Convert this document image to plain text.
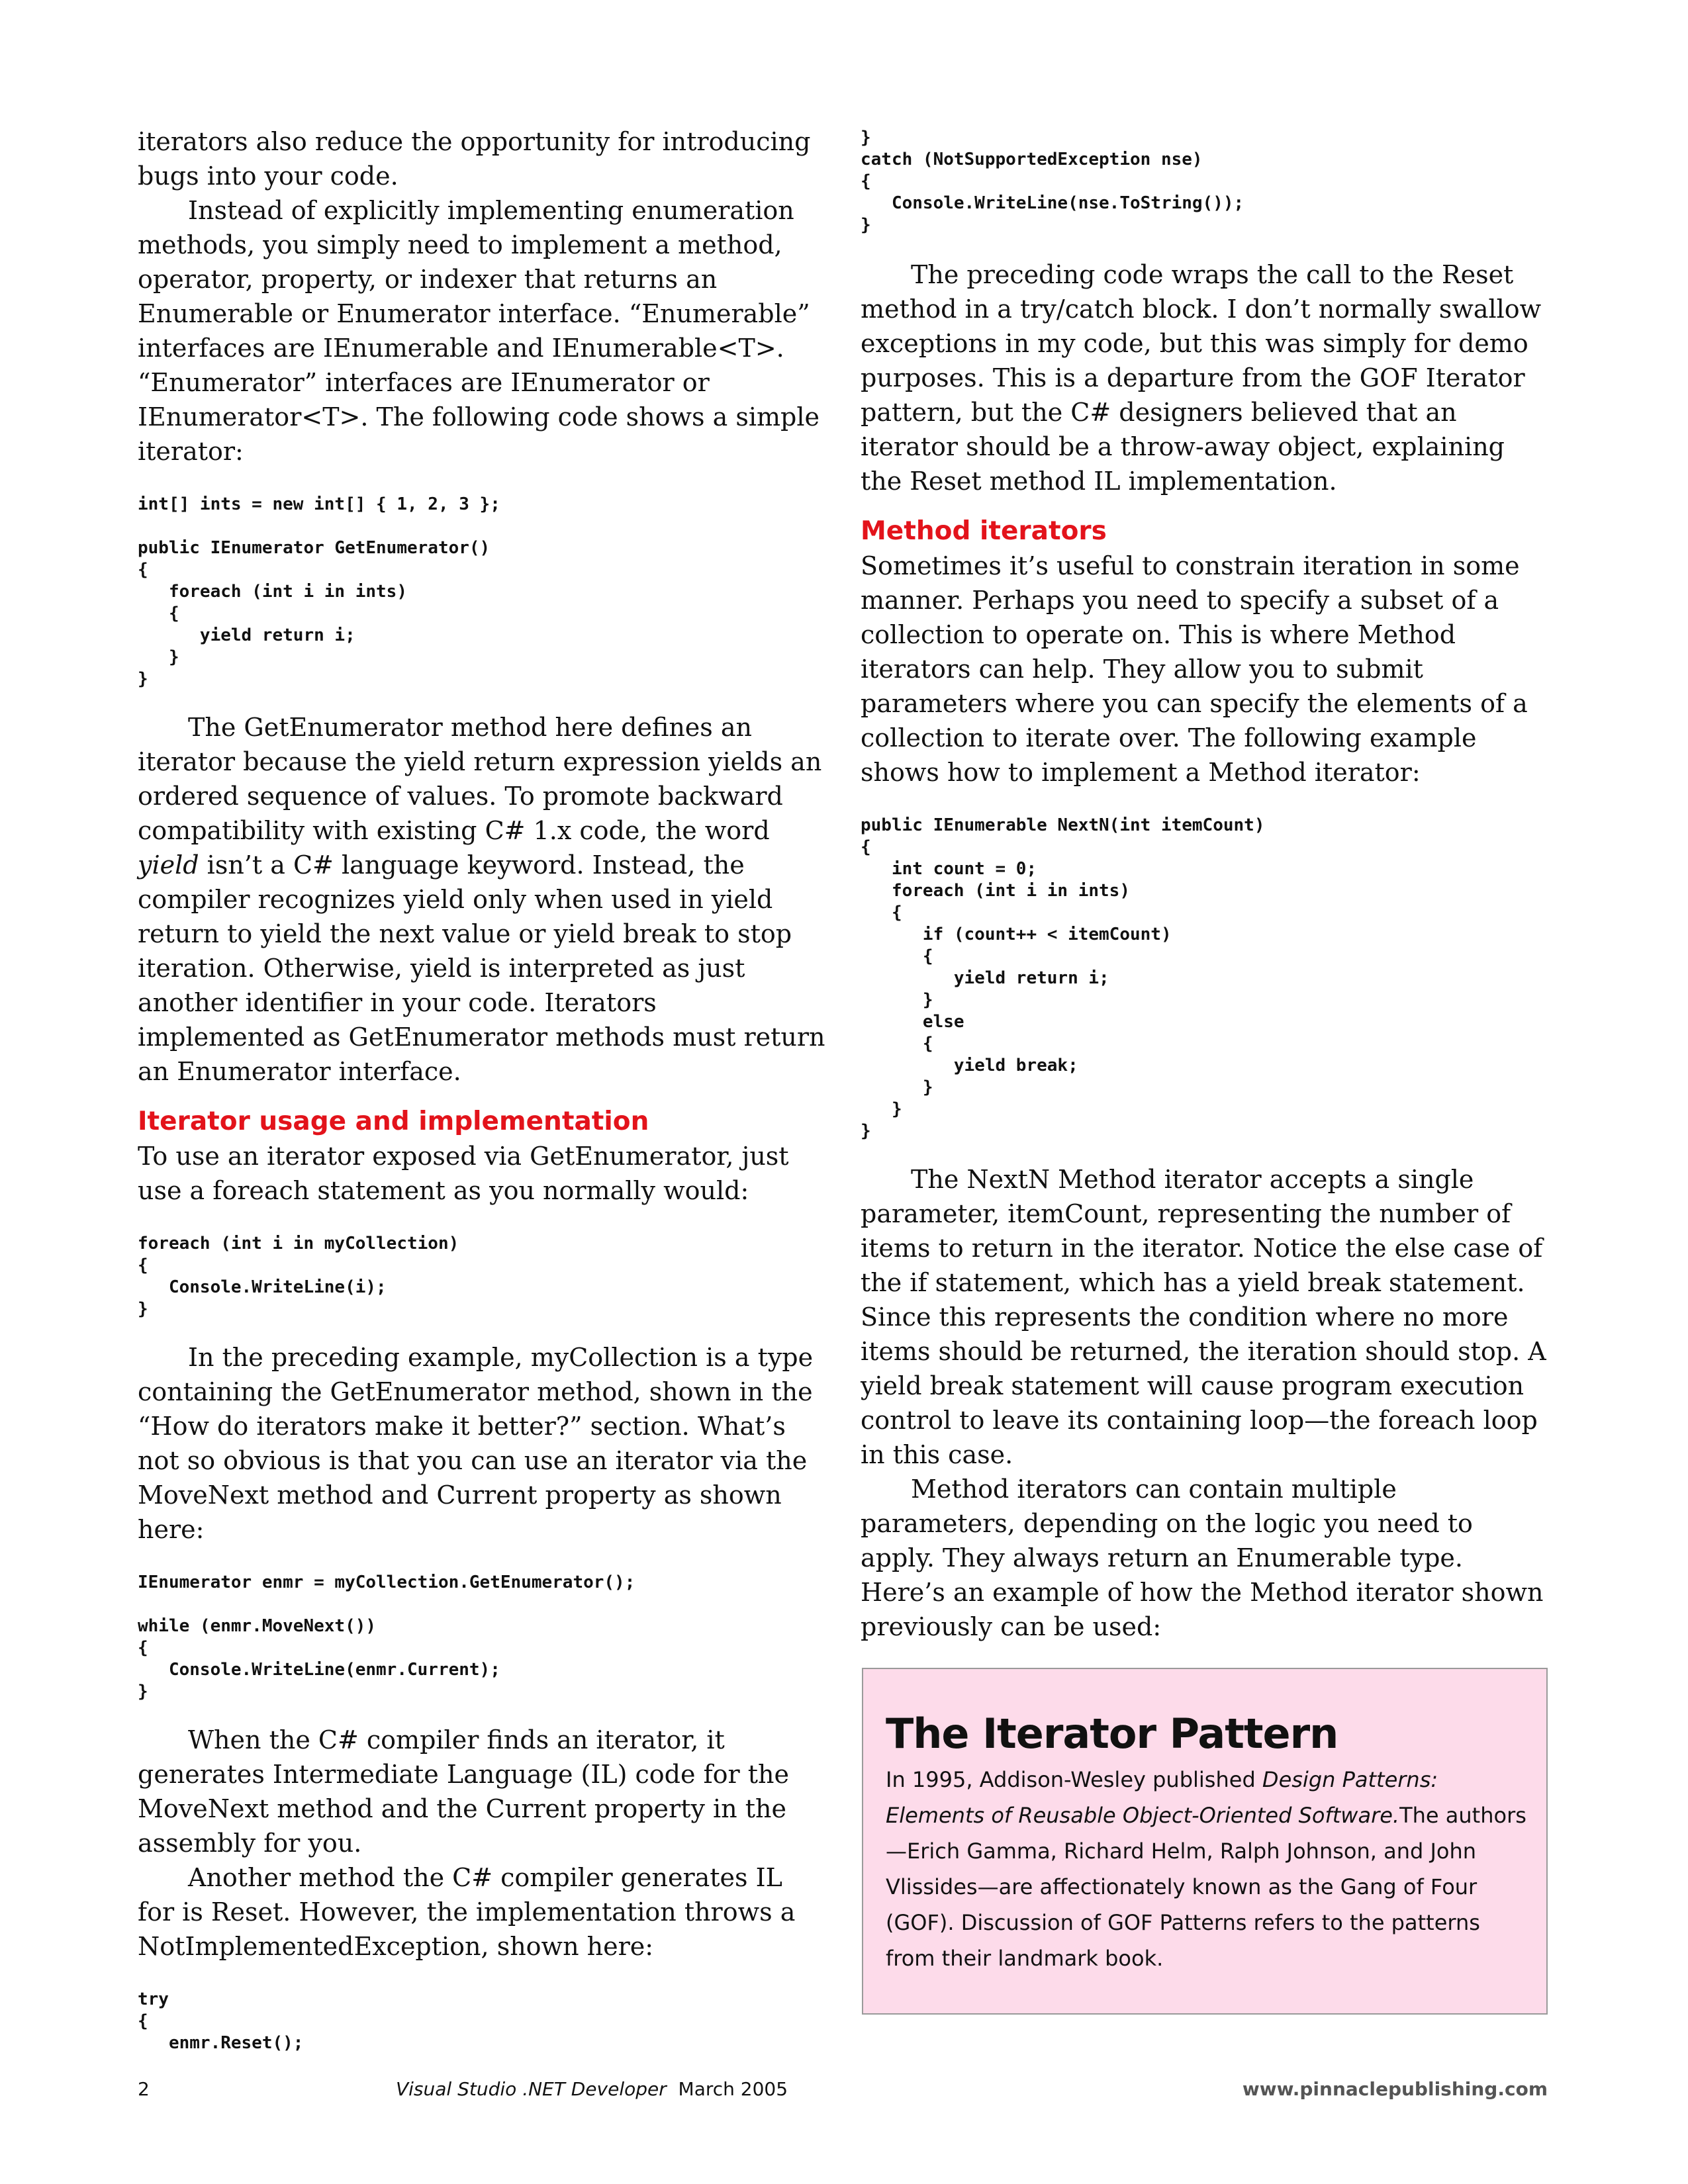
iterators also reduce the opportunity for introducing bugs into your code.

Instead of explicitly implementing enumeration methods, you simply need to implement a method, operator, property, or indexer that returns an Enumerable or Enumerator interface. “Enumerable” interfaces are IEnumerable and IEnumerable<T>. “Enumerator” interfaces are IEnumerator or IEnumerator<T>. The following code shows a simple iterator:

int[] ints = new int[] { 1, 2, 3 };

public IEnumerator GetEnumerator()
{
foreach (int i in ints)
{
yield return i;
}
}

The GetEnumerator method here defines an iterator because the yield return expression yields an ordered sequence of values. To promote backward compatibility with existing C# 1.x code, the word yield isn’t a C# language keyword. Instead, the compiler recognizes yield only when used in yield return to yield the next value or yield break to stop iteration. Otherwise, yield is interpreted as just another identifier in your code. Iterators implemented as GetEnumerator methods must return an Enumerator interface.

Iterator usage and implementation

To use an iterator exposed via GetEnumerator, just use a foreach statement as you normally would:

foreach (int i in myCollection)
{
Console.WriteLine(i);
}

In the preceding example, myCollection is a type containing the GetEnumerator method, shown in the “How do iterators make it better?” section. What’s not so obvious is that you can use an iterator via the MoveNext method and Current property as shown here:

IEnumerator enmr = myCollection.GetEnumerator();

while (enmr.MoveNext())
{
Console.WriteLine(enmr.Current);
}

When the C# compiler finds an iterator, it generates Intermediate Language (IL) code for the MoveNext method and the Current property in the assembly for you.

Another method the C# compiler generates IL for is Reset. However, the implementation throws a NotImplementedException, shown here:

try
{
enmr.Reset();
}
catch (NotSupportedException nse)
{
Console.WriteLine(nse.ToString());
}

The preceding code wraps the call to the Reset method in a try/catch block. I don’t normally swallow exceptions in my code, but this was simply for demo purposes. This is a departure from the GOF Iterator pattern, but the C# designers believed that an iterator should be a throw-away object, explaining the Reset method IL implementation.

Method iterators

Sometimes it’s useful to constrain iteration in some manner. Perhaps you need to specify a subset of a collection to operate on. This is where Method iterators can help. They allow you to submit parameters where you can specify the elements of a collection to iterate over. The following example shows how to implement a Method iterator:

public IEnumerable NextN(int itemCount)
{
int count = 0;
foreach (int i in ints)
{
if (count++ < itemCount)
{
yield return i;
}
else
{
yield break;
}
}
}

The NextN Method iterator accepts a single parameter, itemCount, representing the number of items to return in the iterator. Notice the else case of the if statement, which has a yield break statement. Since this represents the condition where no more items should be returned, the iteration should stop. A yield break statement will cause program execution control to leave its containing loop—the foreach loop in this case.

Method iterators can contain multiple parameters, depending on the logic you need to apply. They always return an Enumerable type. Here’s an example of how the Method iterator shown previously can be used:

The Iterator Pattern

In 1995, Addison-Wesley published Design Patterns: Elements of Reusable Object-Oriented Software.The authors—Erich Gamma, Richard Helm, Ralph Johnson, and John Vlissides—are affectionately known as the Gang of Four (GOF). Discussion of GOF Patterns refers to the patterns from their landmark book.

2	Visual Studio .NET Developer March 2005	www.pinnaclepublishing.com
